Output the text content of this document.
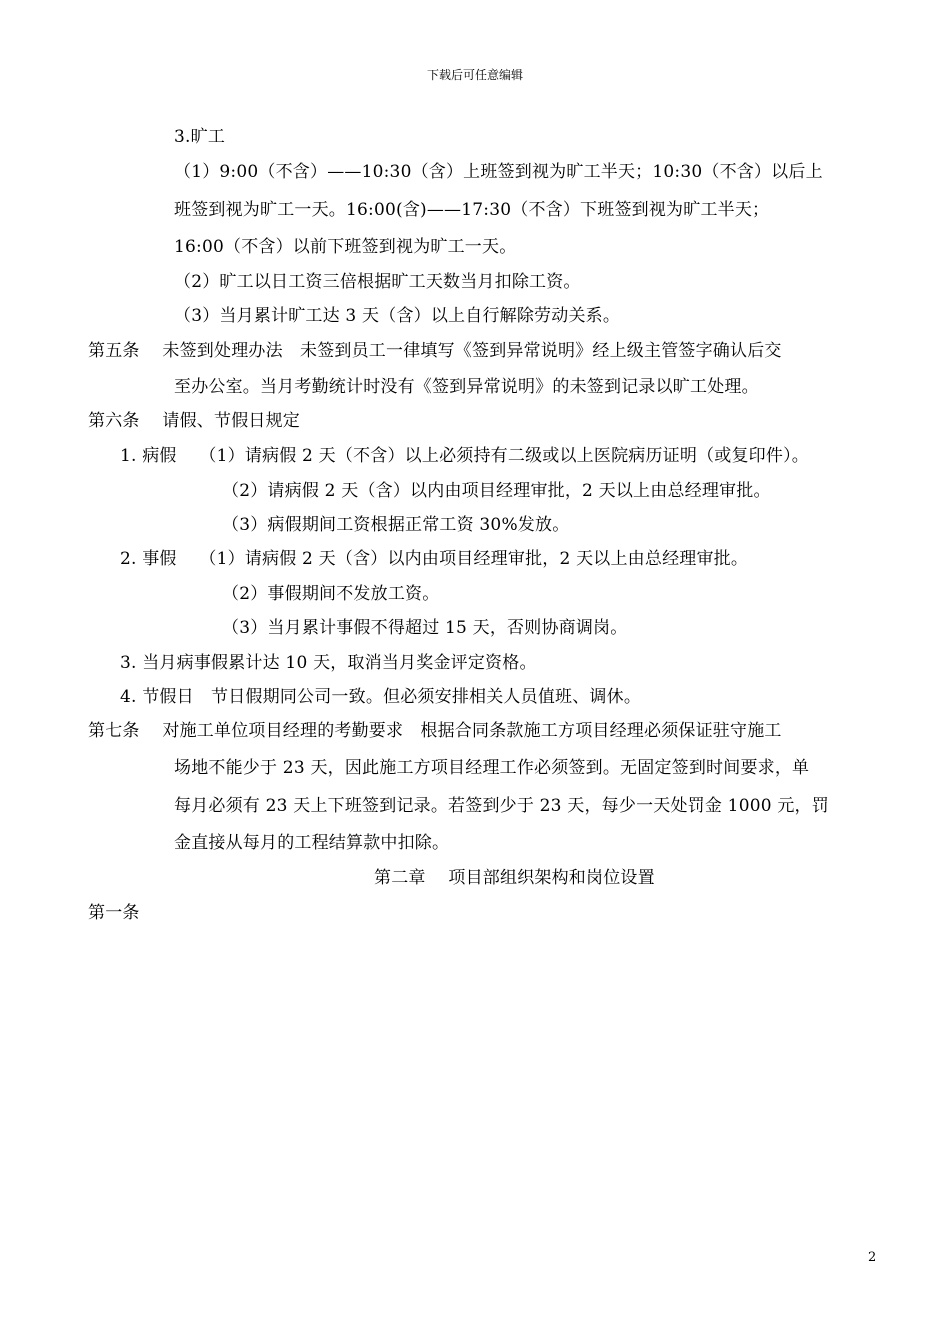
下载后可任意编辑
3.旷工
（1）9:00（不含）——10:30（含）上班签到视为旷工半天；10:30（不含）以后上
班签到视为旷工一天。16:00(含)——17:30（不含）下班签到视为旷工半天；
16:00（不含）以前下班签到视为旷工一天。
（2）旷工以日工资三倍根据旷工天数当月扣除工资。
（3）当月累计旷工达 3 天（含）以上自行解除劳动关系。
第五条　 未签到处理办法　未签到员工一律填写《签到异常说明》经上级主管签字确认后交
至办公室。当月考勤统计时没有《签到异常说明》的未签到记录以旷工处理。
第六条　 请假、节假日规定
1. 病假　 （1）请病假 2 天（不含）以上必须持有二级或以上医院病历证明（或复印件）。
（2）请病假 2 天（含）以内由项目经理审批，2 天以上由总经理审批。
（3）病假期间工资根据正常工资 30%发放。
2. 事假　 （1）请病假 2 天（含）以内由项目经理审批，2 天以上由总经理审批。
（2）事假期间不发放工资。
（3）当月累计事假不得超过 15 天，否则协商调岗。
3. 当月病事假累计达 10 天，取消当月奖金评定资格。
4. 节假日　节日假期同公司一致。但必须安排相关人员值班、调休。
第七条　 对施工单位项目经理的考勤要求　根据合同条款施工方项目经理必须保证驻守施工
场地不能少于 23 天，因此施工方项目经理工作必须签到。无固定签到时间要求，单
每月必须有 23 天上下班签到记录。若签到少于 23 天，每少一天处罚金 1000 元，罚
金直接从每月的工程结算款中扣除。
第二章　 项目部组织架构和岗位设置
第一条
2
